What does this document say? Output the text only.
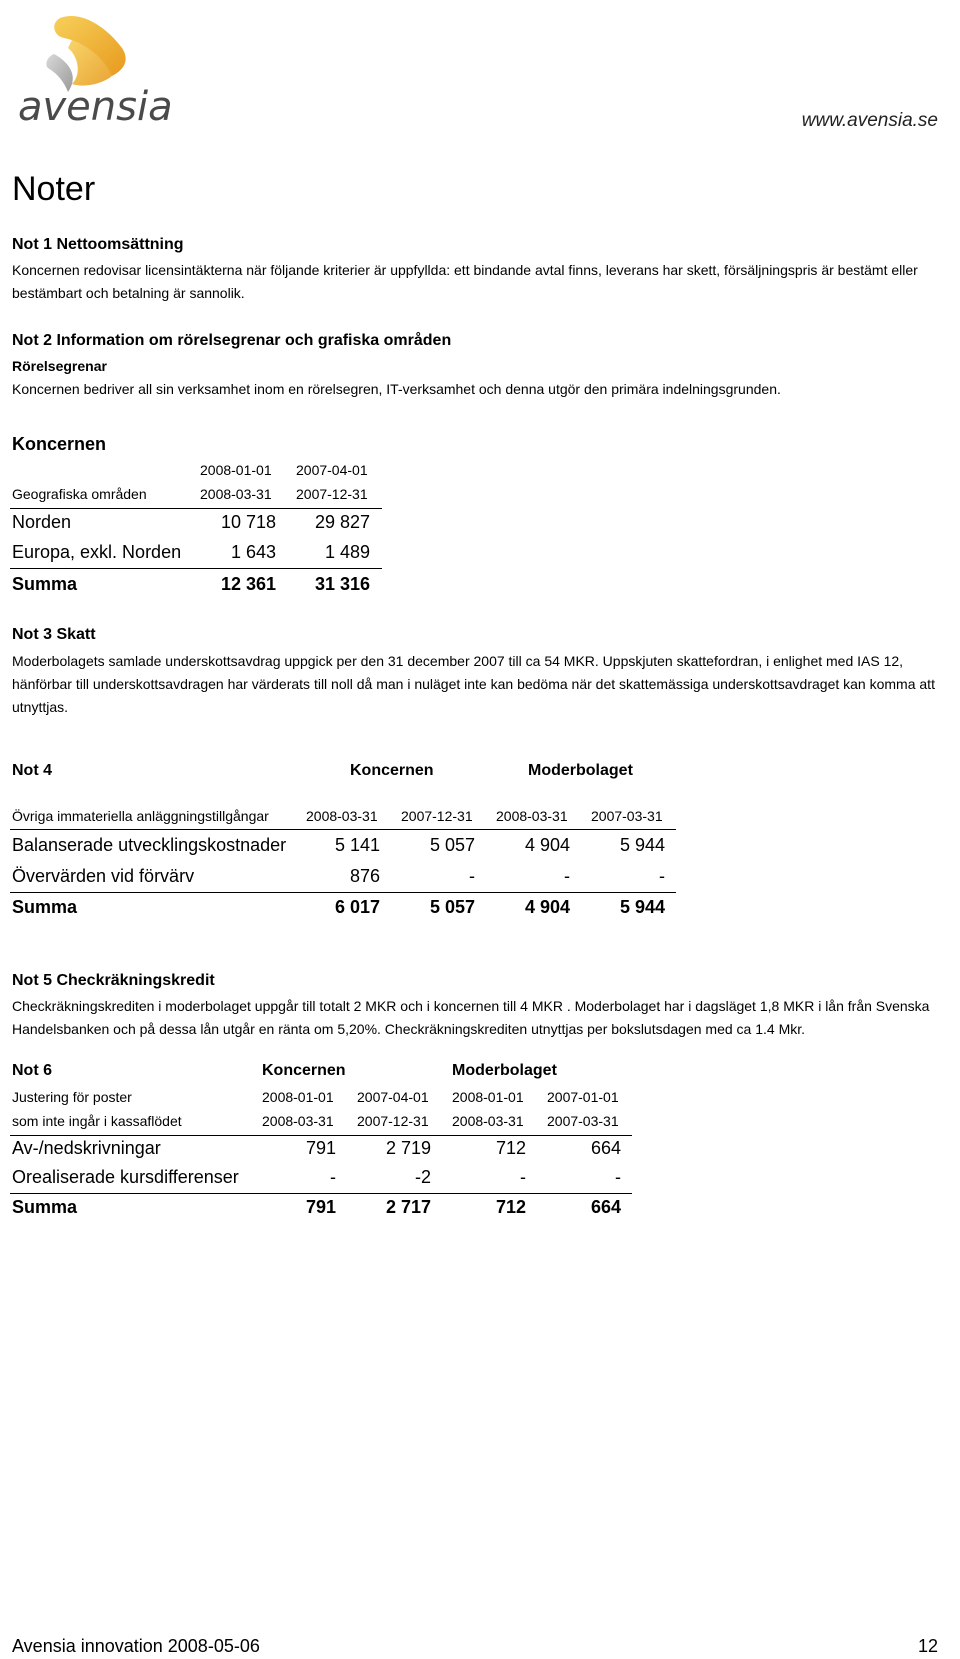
avensia	www.avensia.se
Noter
Not 1 Nettoomsättning
Koncernen redovisar licensintäkterna när följande kriterier är uppfyllda: ett bindande avtal finns, leverans har skett, försäljningspris är bestämt eller bestämbart och betalning är sannolik.
Not 2 Information om rörelsegrenar och grafiska områden
Rörelsegrenar
Koncernen bedriver all sin verksamhet inom en rörelsegren, IT-verksamhet och denna utgör den primära indelningsgrunden.
Koncernen
2008-01-01 2007-04-01
Geografiska områden	2008-03-31 2007-12-31
Norden	10 718	29 827
Europa, exkl. Norden	1 643	1 489
Summa	12 361	31 316
Not 3 Skatt
Moderbolagets samlade underskottsavdrag uppgick per den 31 december 2007 till ca 54 MKR. Uppskjuten skattefordran, i enlighet med IAS 12, hänförbar till underskottsavdragen har värderats till noll då man i nuläget inte kan bedöma när det skattemässiga underskottsavdraget kan komma att utnyttjas.
Not 4	Koncernen	Moderbolaget
Övriga immateriella anläggningstillgångar	2008-03-31 2007-12-31 2008-03-31 2007-03-31
Balanserade utvecklingskostnader	5 141	5 057	4 904	5 944
Övervärden vid förvärv	876	-	-	-
Summa	6 017	5 057	4 904	5 944
Not 5 Checkräkningskredit
Checkräkningskrediten i moderbolaget uppgår till totalt 2 MKR och i koncernen till 4 MKR . Moderbolaget har i dagsläget 1,8 MKR i lån från Svenska Handelsbanken och på dessa lån utgår en ränta om 5,20%. Checkräkningskrediten utnyttjas per bokslutsdagen med ca 1.4 Mkr.
Not 6	Koncernen	Moderbolaget
Justering för poster	2008-01-01 2007-04-01 2008-01-01 2007-01-01
som inte ingår i kassaflödet	2008-03-31 2007-12-31 2008-03-31 2007-03-31
Av-/nedskrivningar	791	2 719	712	664
Orealiserade kursdifferenser	-	-2	-	-
Summa	791	2 717	712	664
Avensia innovation 2008-05-06	12
